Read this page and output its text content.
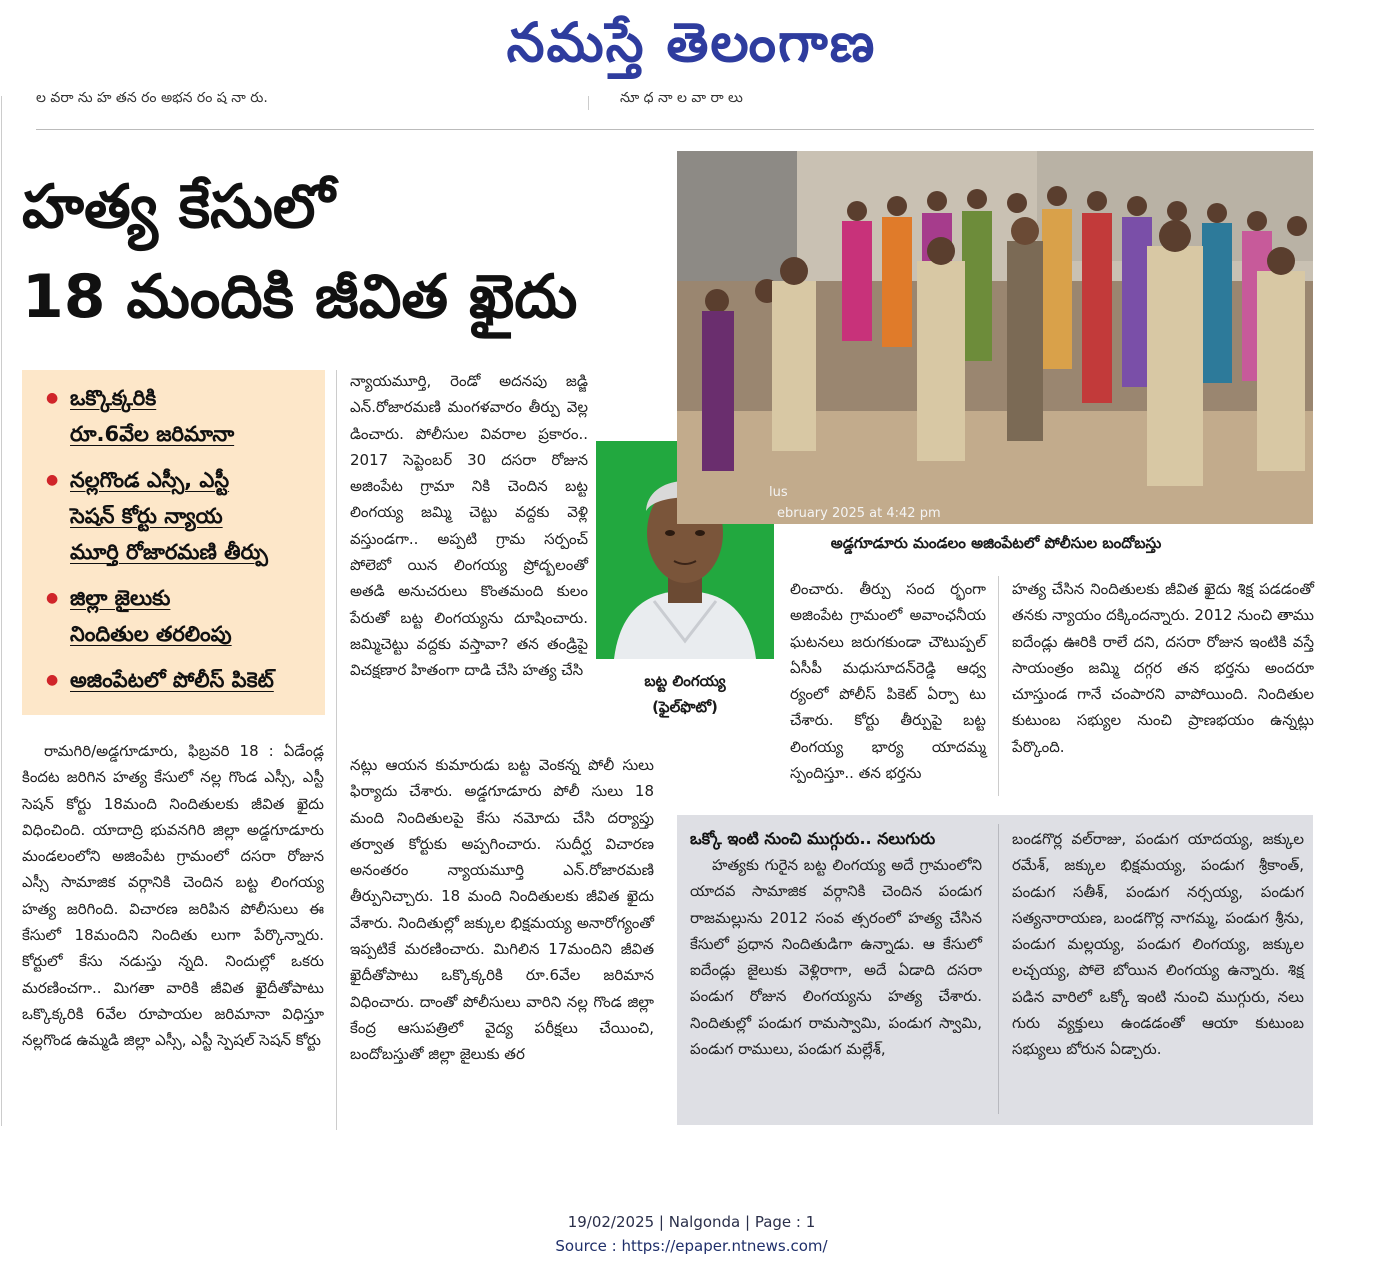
నమస్తే తెలంగాణ
ల వరా ను హ తన రం అభన రం ష నా రు.	నూ ధ నా ల వా రా లు
హత్య కేసులో
18 మందికి జీవిత ఖైదు
● ఒక్కొక్కరికి
రూ.6వేల జరిమానా
● నల్లగొండ ఎస్సీ, ఎస్టీ
సెషన్ కోర్టు న్యాయ
మూర్తి రోజారమణి తీర్పు
● జిల్లా జైలుకు
నిందితుల తరలింపు
● అజింపేటలో పోలీస్ పికెట్

రామగిరి/అడ్డగూడూరు, ఫిబ్రవరి 18 : ఏడేండ్ల కిందట జరిగిన హత్య కేసులో నల్ల గొండ ఎస్సీ, ఎస్టీ సెషన్ కోర్టు 18మంది నిందితులకు జీవిత ఖైదు విధించింది. యాదాద్రి భువనగిరి జిల్లా అడ్డగూడూరు మండలంలోని అజింపేట గ్రామంలో దసరా రోజున ఎస్సీ సామాజిక వర్గానికి చెందిన బట్ట లింగయ్య హత్య జరిగింది. విచారణ జరిపిన పోలీసులు ఈ కేసులో 18మందిని నిందితు లుగా పేర్కొన్నారు. కోర్టులో కేసు నడుస్తు న్నది. నిందుల్లో ఒకరు మరణించగా.. మిగతా వారికి జీవిత ఖైదీతోపాటు ఒక్కొక్కరికి 6వేల రూపాయల జరిమానా విధిస్తూ నల్లగొండ ఉమ్మడి జిల్లా ఎస్సీ, ఎస్టీ స్పెషల్ సెషన్ కోర్టు

న్యాయమూర్తి, రెండో అదనపు జడ్జి ఎన్.రోజారమణి మంగళవారం తీర్పు వెల్ల డించారు. పోలీసుల వివరాల ప్రకారం.. 2017 సెప్టెంబర్ 30 దసరా రోజున అజింపేట గ్రామా నికి చెందిన బట్ట లింగయ్య జమ్మి చెట్టు వద్దకు వెళ్లి వస్తుండగా.. అప్పటి గ్రామ సర్పంచ్ పోలెబో యిన లింగయ్య ప్రోద్బలంతో అతడి అనుచరులు కొంతమంది కులం పేరుతో బట్ట లింగయ్యను దూషించారు. జమ్మిచెట్టు వద్దకు వస్తావా? తన తండ్రిపై విచక్షణార హితంగా దాడి చేసి హత్య చేసి

నట్లు ఆయన కుమారుడు బట్ట వెంకన్న పోలీ సులు ఫిర్యాదు చేశారు. అడ్డగూడూరు పోలీ సులు 18 మంది నిందితులపై కేసు నమోదు చేసి దర్యాప్తు తర్వాత కోర్టుకు అప్పగించారు. సుదీర్ఘ విచారణ అనంతరం న్యాయమూర్తి ఎన్.రోజారమణి తీర్పునిచ్చారు. 18 మంది నిందితులకు జీవిత ఖైదు వేశారు. నిందితుల్లో జక్కుల భిక్షమయ్య అనారోగ్యంతో ఇప్పటికే మరణించారు. మిగిలిన 17మందిని జీవిత ఖైదీతోపాటు ఒక్కొక్కరికి రూ.6వేల జరిమాన విధించారు. దాంతో పోలీసులు వారిని నల్ల గొండ జిల్లా కేంద్ర ఆసుపత్రిలో వైద్య పరీక్షలు చేయించి, బందోబస్తుతో జిల్లా జైలుకు తర

బట్ట లింగయ్య
(ఫైల్‌ఫొటో)
lus
ebruary 2025 at 4:42 pm
అడ్డగూడూరు మండలం అజింపేటలో పోలీసుల బందోబస్తు

లించారు. తీర్పు సంద ర్భంగా అజింపేట గ్రామంలో అవాంఛనీయ ఘటనలు జరుగకుండా చౌటుప్పల్ ఏసీపీ మధుసూదన్‌రెడ్డి ఆధ్వ ర్యంలో పోలీస్ పికెట్ ఏర్పా టు చేశారు. కోర్టు తీర్పుపై బట్ట లింగయ్య భార్య యాదమ్మ స్పందిస్తూ.. తన భర్తను

హత్య చేసిన నిందితులకు జీవిత ఖైదు శిక్ష పడడంతో తనకు న్యాయం దక్కిందన్నారు. 2012 నుంచి తాము ఐదేండ్లు ఊరికి రాలే దని, దసరా రోజున ఇంటికి వస్తే సాయంత్రం జమ్మి దగ్గర తన భర్తను అందరూ చూస్తుండ గానే చంపారని వాపోయింది. నిందితుల కుటుంబ సభ్యుల నుంచి ప్రాణభయం ఉన్నట్లు పేర్కొంది.

ఒక్కో ఇంటి నుంచి ముగ్గురు.. నలుగురు

హత్యకు గురైన బట్ట లింగయ్య అదే గ్రామంలోని యాదవ సామాజిక వర్గానికి చెందిన పండుగ రాజమల్లును 2012 సంవ త్సరంలో హత్య చేసిన కేసులో ప్రధాన నిందితుడిగా ఉన్నాడు. ఆ కేసులో ఐదేండ్లు జైలుకు వెళ్లిరాగా, అదే ఏడాది దసరా పండుగ రోజున లింగయ్యను హత్య చేశారు. నిందితుల్లో పండుగ రామస్వామి, పండుగ స్వామి, పండుగ రాములు, పండుగ మల్లేశ్,

బండగొర్ల వల్‌రాజు, పండుగ యాదయ్య, జక్కుల రమేశ్, జక్కుల భిక్షమయ్య, పండుగ శ్రీకాంత్, పండుగ సతీశ్, పండుగ నర్సయ్య, పండుగ సత్యనారాయణ, బండగొర్ల నాగమ్మ, పండుగ శ్రీను, పండుగ మల్లయ్య, పండుగ లింగయ్య, జక్కుల లచ్చయ్య, పోలె బోయిన లింగయ్య ఉన్నారు. శిక్ష పడిన వారిలో ఒక్కో ఇంటి నుంచి ముగ్గురు, నలు గురు వ్యక్తులు ఉండడంతో ఆయా కుటుంబ సభ్యులు బోరున ఏడ్చారు.

19/02/2025 | Nalgonda | Page : 1
Source : https://epaper.ntnews.com/
